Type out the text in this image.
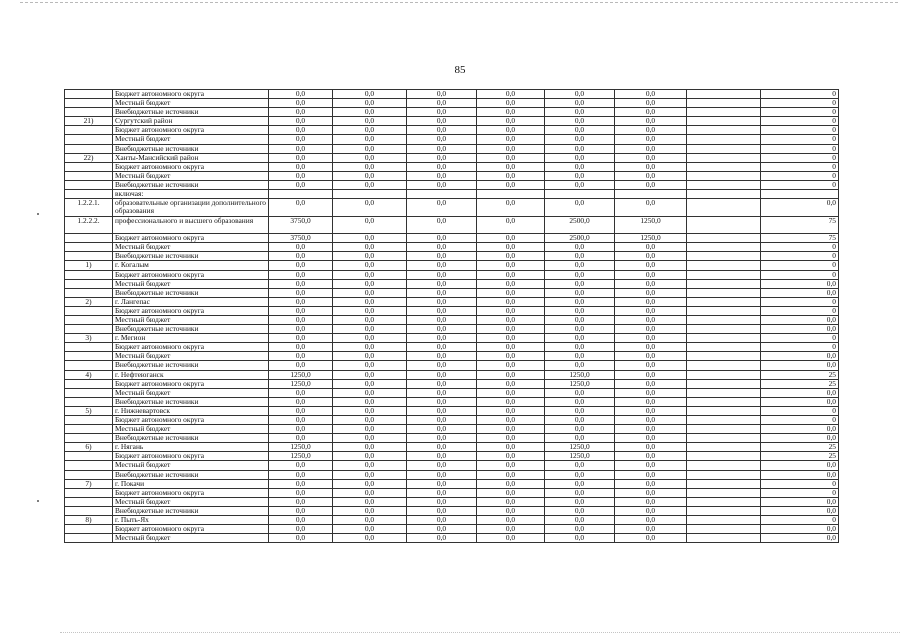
85
	Бюджет автономного округа	0,0	0,0	0,0	0,0	0,0	0,0		0
	Местный бюджет	0,0	0,0	0,0	0,0	0,0	0,0		0
	Внебюджетные источники	0,0	0,0	0,0	0,0	0,0	0,0		0
21)	Сургутский район	0,0	0,0	0,0	0,0	0,0	0,0		0
	Бюджет автономного округа	0,0	0,0	0,0	0,0	0,0	0,0		0
	Местный бюджет	0,0	0,0	0,0	0,0	0,0	0,0		0
	Внебюджетные источники	0,0	0,0	0,0	0,0	0,0	0,0		0
22)	Ханты-Мансийский район	0,0	0,0	0,0	0,0	0,0	0,0		0
	Бюджет автономного округа	0,0	0,0	0,0	0,0	0,0	0,0		0
	Местный бюджет	0,0	0,0	0,0	0,0	0,0	0,0		0
	Внебюджетные источники	0,0	0,0	0,0	0,0	0,0	0,0		0
	включая:								
1.2.2.1.	образовательные организации дополнительного образования	0,0	0,0	0,0	0,0	0,0	0,0		0,0
1.2.2.2.	профессионального и высшего образования	3750,0	0,0	0,0	0,0	2500,0	1250,0		75
	Бюджет автономного округа	3750,0	0,0	0,0	0,0	2500,0	1250,0		75
	Местный бюджет	0,0	0,0	0,0	0,0	0,0	0,0		0
	Внебюджетные источники	0,0	0,0	0,0	0,0	0,0	0,0		0
1)	г. Когалым	0,0	0,0	0,0	0,0	0,0	0,0		0
	Бюджет автономного округа	0,0	0,0	0,0	0,0	0,0	0,0		0
	Местный бюджет	0,0	0,0	0,0	0,0	0,0	0,0		0,0
	Внебюджетные источники	0,0	0,0	0,0	0,0	0,0	0,0		0,0
2)	г. Лангепас	0,0	0,0	0,0	0,0	0,0	0,0		0
	Бюджет автономного округа	0,0	0,0	0,0	0,0	0,0	0,0		0
	Местный бюджет	0,0	0,0	0,0	0,0	0,0	0,0		0,0
	Внебюджетные источники	0,0	0,0	0,0	0,0	0,0	0,0		0,0
3)	г. Мегион	0,0	0,0	0,0	0,0	0,0	0,0		0
	Бюджет автономного округа	0,0	0,0	0,0	0,0	0,0	0,0		0
	Местный бюджет	0,0	0,0	0,0	0,0	0,0	0,0		0,0
	Внебюджетные источники	0,0	0,0	0,0	0,0	0,0	0,0		0,0
4)	г. Нефтеюганск	1250,0	0,0	0,0	0,0	1250,0	0,0		25
	Бюджет автономного округа	1250,0	0,0	0,0	0,0	1250,0	0,0		25
	Местный бюджет	0,0	0,0	0,0	0,0	0,0	0,0		0,0
	Внебюджетные источники	0,0	0,0	0,0	0,0	0,0	0,0		0,0
5)	г. Нижневартовск	0,0	0,0	0,0	0,0	0,0	0,0		0
	Бюджет автономного округа	0,0	0,0	0,0	0,0	0,0	0,0		0
	Местный бюджет	0,0	0,0	0,0	0,0	0,0	0,0		0,0
	Внебюджетные источники	0,0	0,0	0,0	0,0	0,0	0,0		0,0
6)	г. Нягань	1250,0	0,0	0,0	0,0	1250,0	0,0		25
	Бюджет автономного округа	1250,0	0,0	0,0	0,0	1250,0	0,0		25
	Местный бюджет	0,0	0,0	0,0	0,0	0,0	0,0		0,0
	Внебюджетные источники	0,0	0,0	0,0	0,0	0,0	0,0		0,0
7)	г. Покачи	0,0	0,0	0,0	0,0	0,0	0,0		0
	Бюджет автономного округа	0,0	0,0	0,0	0,0	0,0	0,0		0
	Местный бюджет	0,0	0,0	0,0	0,0	0,0	0,0		0,0
	Внебюджетные источники	0,0	0,0	0,0	0,0	0,0	0,0		0,0
8)	г. Пыть-Ях	0,0	0,0	0,0	0,0	0,0	0,0		0
	Бюджет автономного округа	0,0	0,0	0,0	0,0	0,0	0,0		0,0
	Местный бюджет	0,0	0,0	0,0	0,0	0,0	0,0		0,0
